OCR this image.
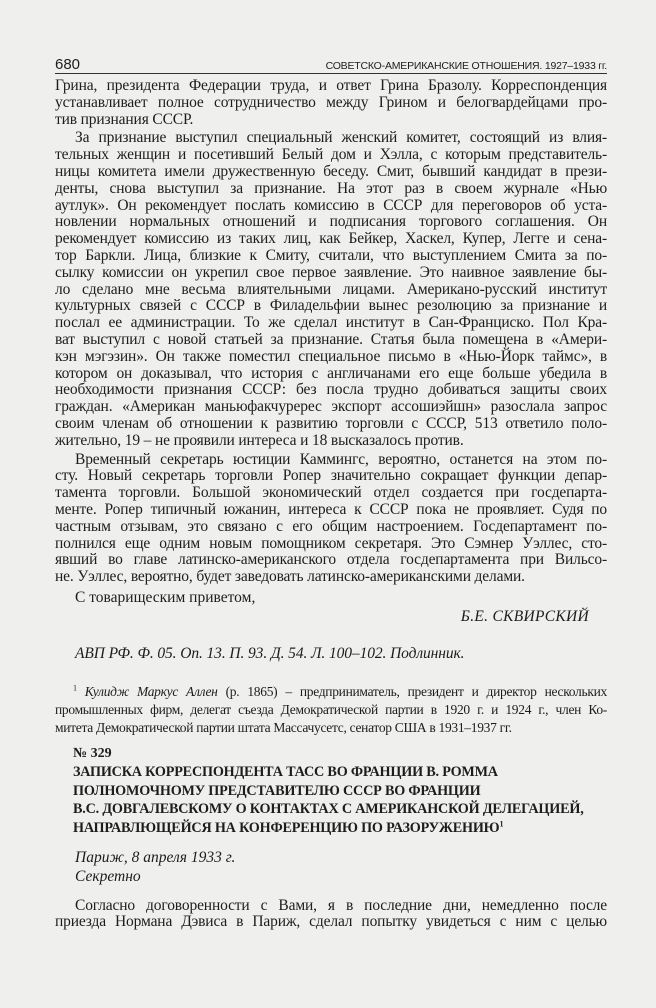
680	СОВЕТСКО-АМЕРИКАНСКИЕ ОТНОШЕНИЯ. 1927–1933 гг.
Грина, президента Федерации труда, и ответ Грина Бразолу. Корреспонденция
устанавливает полное сотрудничество между Грином и белогвардейцами про-
тив признания СССР.
За признание выступил специальный женский комитет, состоящий из влия-
тельных женщин и посетивший Белый дом и Хэлла, с которым представитель-
ницы комитета имели дружественную беседу. Смит, бывший кандидат в прези-
денты, снова выступил за признание. На этот раз в своем журнале «Нью
аутлук». Он рекомендует послать комиссию в СССР для переговоров об уста-
новлении нормальных отношений и подписания торгового соглашения. Он
рекомендует комиссию из таких лиц, как Бейкер, Хаскел, Купер, Легге и сена-
тор Баркли. Лица, близкие к Смиту, считали, что выступлением Смита за по-
сылку комиссии он укрепил свое первое заявление. Это наивное заявление бы-
ло сделано мне весьма влиятельными лицами. Американо-русский институт
культурных связей с СССР в Филадельфии вынес резолюцию за признание и
послал ее администрации. То же сделал институт в Сан-Франциско. Пол Кра-
ват выступил с новой статьей за признание. Статья была помещена в «Амери-
кэн мэгэзин». Он также поместил специальное письмо в «Нью-Йорк таймс», в
котором он доказывал, что история с англичанами его еще больше убедила в
необходимости признания СССР: без посла трудно добиваться защиты своих
граждан. «Американ маньюфакчуререс экспорт ассошиэйшн» разослала запрос
своим членам об отношении к развитию торговли с СССР, 513 ответило поло-
жительно, 19 – не проявили интереса и 18 высказалось против.
Временный секретарь юстиции Каммингс, вероятно, останется на этом по-
сту. Новый секретарь торговли Ропер значительно сокращает функции депар-
тамента торговли. Большой экономический отдел создается при госдепарта-
менте. Ропер типичный южанин, интереса к СССР пока не проявляет. Судя по
частным отзывам, это связано с его общим настроением. Госдепартамент по-
полнился еще одним новым помощником секретаря. Это Сэмнер Уэллес, сто-
явший во главе латинско-американского отдела госдепартамента при Вильсо-
не. Уэллес, вероятно, будет заведовать латинско-американскими делами.
С товарищеским приветом,
Б.Е. СКВИРСКИЙ
АВП РФ. Ф. 05. Оп. 13. П. 93. Д. 54. Л. 100–102. Подлинник.
$^1$ Кулидж Маркус Аллен (р. 1865) – предприниматель, президент и директор нескольких
промышленных фирм, делегат съезда Демократической партии в 1920 г. и 1924 г., член Ко-
митета Демократической партии штата Массачусетс, сенатор США в 1931–1937 гг.
№ 329
ЗАПИСКА КОРРЕСПОНДЕНТА ТАСС ВО ФРАНЦИИ В. РОММА
ПОЛНОМОЧНОМУ ПРЕДСТАВИТЕЛЮ СССР ВО ФРАНЦИИ
В.С. ДОВГАЛЕВСКОМУ О КОНТАКТАХ С АМЕРИКАНСКОЙ ДЕЛЕГАЦИЕЙ,
НАПРАВЛЮЩЕЙСЯ НА КОНФЕРЕНЦИЮ ПО РАЗОРУЖЕНИЮ$^1$
Париж, 8 апреля 1933 г.
Секретно
Согласно договоренности с Вами, я в последние дни, немедленно после
приезда Нормана Дэвиса в Париж, сделал попытку увидеться с ним с целью
